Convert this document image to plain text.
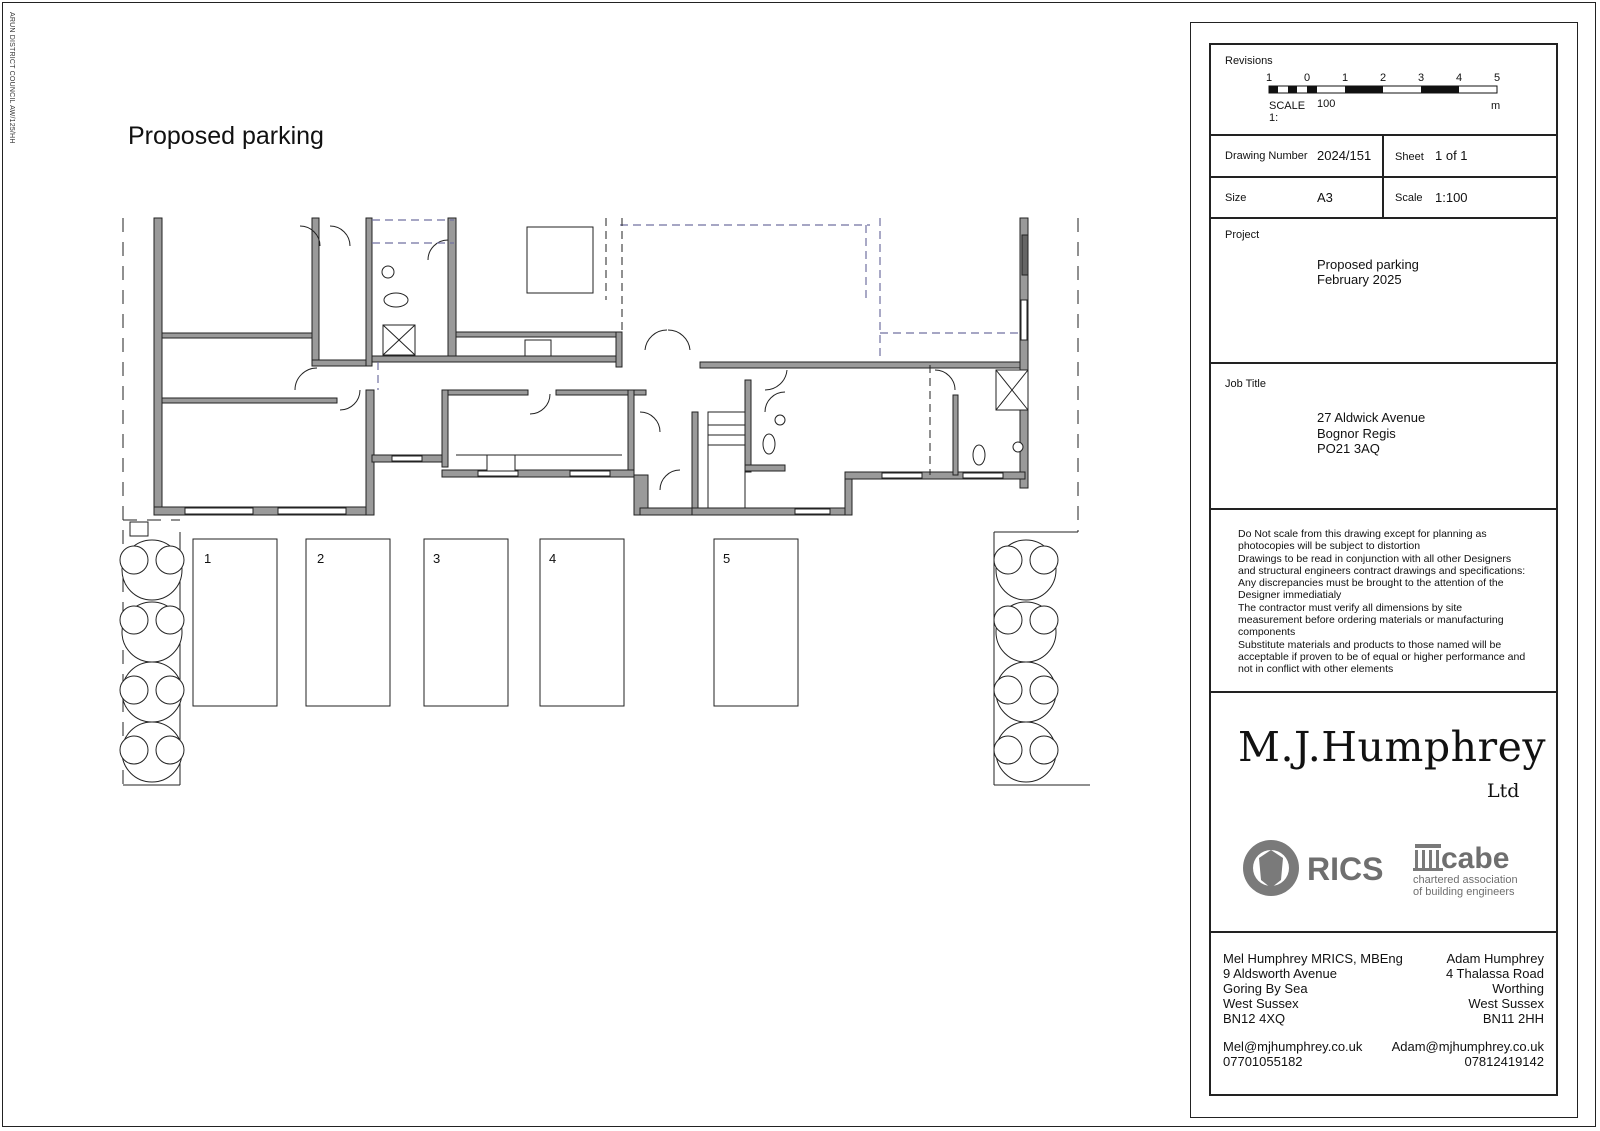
ARUN DISTRICT COUNCIL AW/125/HH	Proposed parking
1	2	3	4	5
Revisions
1	0	1	2	3	4	5
SCALE
1:
100	m
Drawing Number 2024/151 Sheet 1 of 1
Size	A3	Scale 1:100
Project
Proposed parking
February 2025
Job Title
27 Aldwick Avenue
Bognor Regis
PO21 3AQ
Do Not scale from this drawing except for planning as
photocopies will be subject to distortion
Drawings to be read in conjunction with all other Designers
and structural engineers contract drawings and specifications:
Any discrepancies must be brought to the attention of the
Designer immediatialy
The contractor must verify all dimensions by site
measurement before ordering materials or manufacturing
components
Substitute materials and products to those named will be
acceptable if proven to be of equal or higher performance and
not in conflict with other elements
M.J.Humphrey
Ltd
RICS cabe
chartered association
of building engineers
Mel Humphrey MRICS, MBEng
9 Aldsworth Avenue
Goring By Sea
West Sussex
BN12 4XQ
Adam Humphrey
4 Thalassa Road
Worthing
West Sussex
BN11 2HH
Mel@mjhumphrey.co.uk
07701055182
Adam@mjhumphrey.co.uk
07812419142
